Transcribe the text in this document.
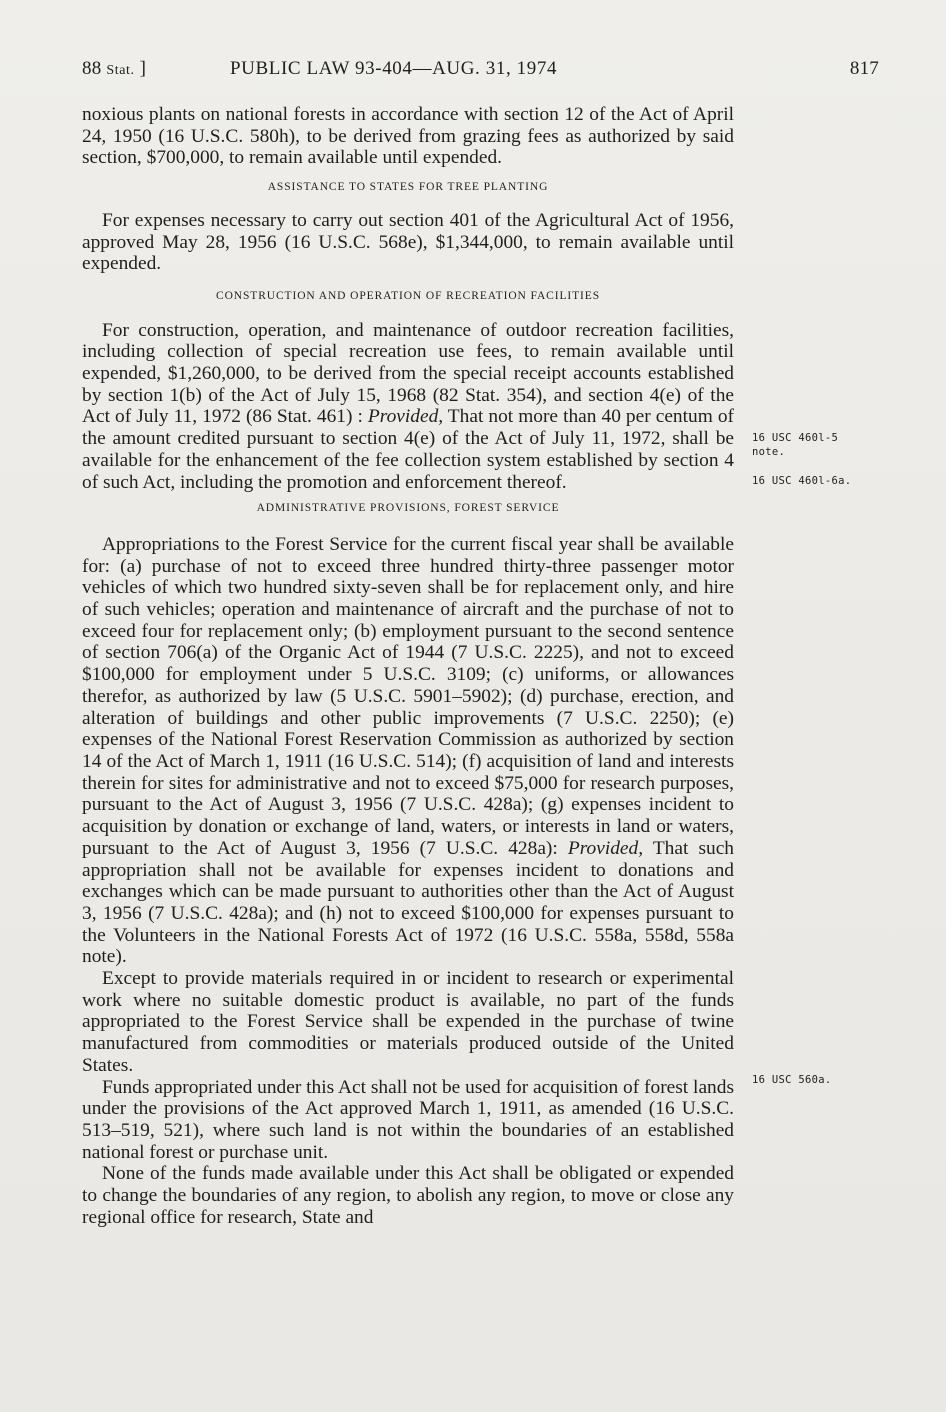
88 Stat. ]	PUBLIC LAW 93-404—AUG. 31, 1974	817

noxious plants on national forests in accordance with section 12 of the Act of April 24, 1950 (16 U.S.C. 580h), to be derived from grazing fees as authorized by said section, $700,000, to remain available until expended.

ASSISTANCE TO STATES FOR TREE PLANTING

For expenses necessary to carry out section 401 of the Agricultural Act of 1956, approved May 28, 1956 (16 U.S.C. 568e), $1,344,000, to remain available until expended.

CONSTRUCTION AND OPERATION OF RECREATION FACILITIES

For construction, operation, and maintenance of outdoor recreation facilities, including collection of special recreation use fees, to remain available until expended, $1,260,000, to be derived from the special receipt accounts established by section 1(b) of the Act of July 15, 1968 (82 Stat. 354), and section 4(e) of the Act of July 11, 1972 (86 Stat. 461) : Provided, That not more than 40 per centum of the amount credited pursuant to section 4(e) of the Act of July 11, 1972, shall be available for the enhancement of the fee collection system established by section 4 of such Act, including the promotion and enforcement thereof.

ADMINISTRATIVE PROVISIONS, FOREST SERVICE

Appropriations to the Forest Service for the current fiscal year shall be available for: (a) purchase of not to exceed three hundred thirty-three passenger motor vehicles of which two hundred sixty-seven shall be for replacement only, and hire of such vehicles; operation and maintenance of aircraft and the purchase of not to exceed four for replacement only; (b) employment pursuant to the second sentence of section 706(a) of the Organic Act of 1944 (7 U.S.C. 2225), and not to exceed $100,000 for employment under 5 U.S.C. 3109; (c) uniforms, or allowances therefor, as authorized by law (5 U.S.C. 5901–5902); (d) purchase, erection, and alteration of buildings and other public improvements (7 U.S.C. 2250); (e) expenses of the National Forest Reservation Commission as authorized by section 14 of the Act of March 1, 1911 (16 U.S.C. 514); (f) acquisition of land and interests therein for sites for administrative and not to exceed $75,000 for research purposes, pursuant to the Act of August 3, 1956 (7 U.S.C. 428a); (g) expenses incident to acquisition by donation or exchange of land, waters, or interests in land or waters, pursuant to the Act of August 3, 1956 (7 U.S.C. 428a): Provided, That such appropriation shall not be available for expenses incident to donations and exchanges which can be made pursuant to authorities other than the Act of August 3, 1956 (7 U.S.C. 428a); and (h) not to exceed $100,000 for expenses pursuant to the Volunteers in the National Forests Act of 1972 (16 U.S.C. 558a, 558d, 558a note).

Except to provide materials required in or incident to research or experimental work where no suitable domestic product is available, no part of the funds appropriated to the Forest Service shall be expended in the purchase of twine manufactured from commodities or materials produced outside of the United States.

Funds appropriated under this Act shall not be used for acquisition of forest lands under the provisions of the Act approved March 1, 1911, as amended (16 U.S.C. 513–519, 521), where such land is not within the boundaries of an established national forest or purchase unit.

None of the funds made available under this Act shall be obligated or expended to change the boundaries of any region, to abolish any region, to move or close any regional office for research, State and

16 USC 460l-5
note.
16 USC 460l-6a.
16 USC 560a.
